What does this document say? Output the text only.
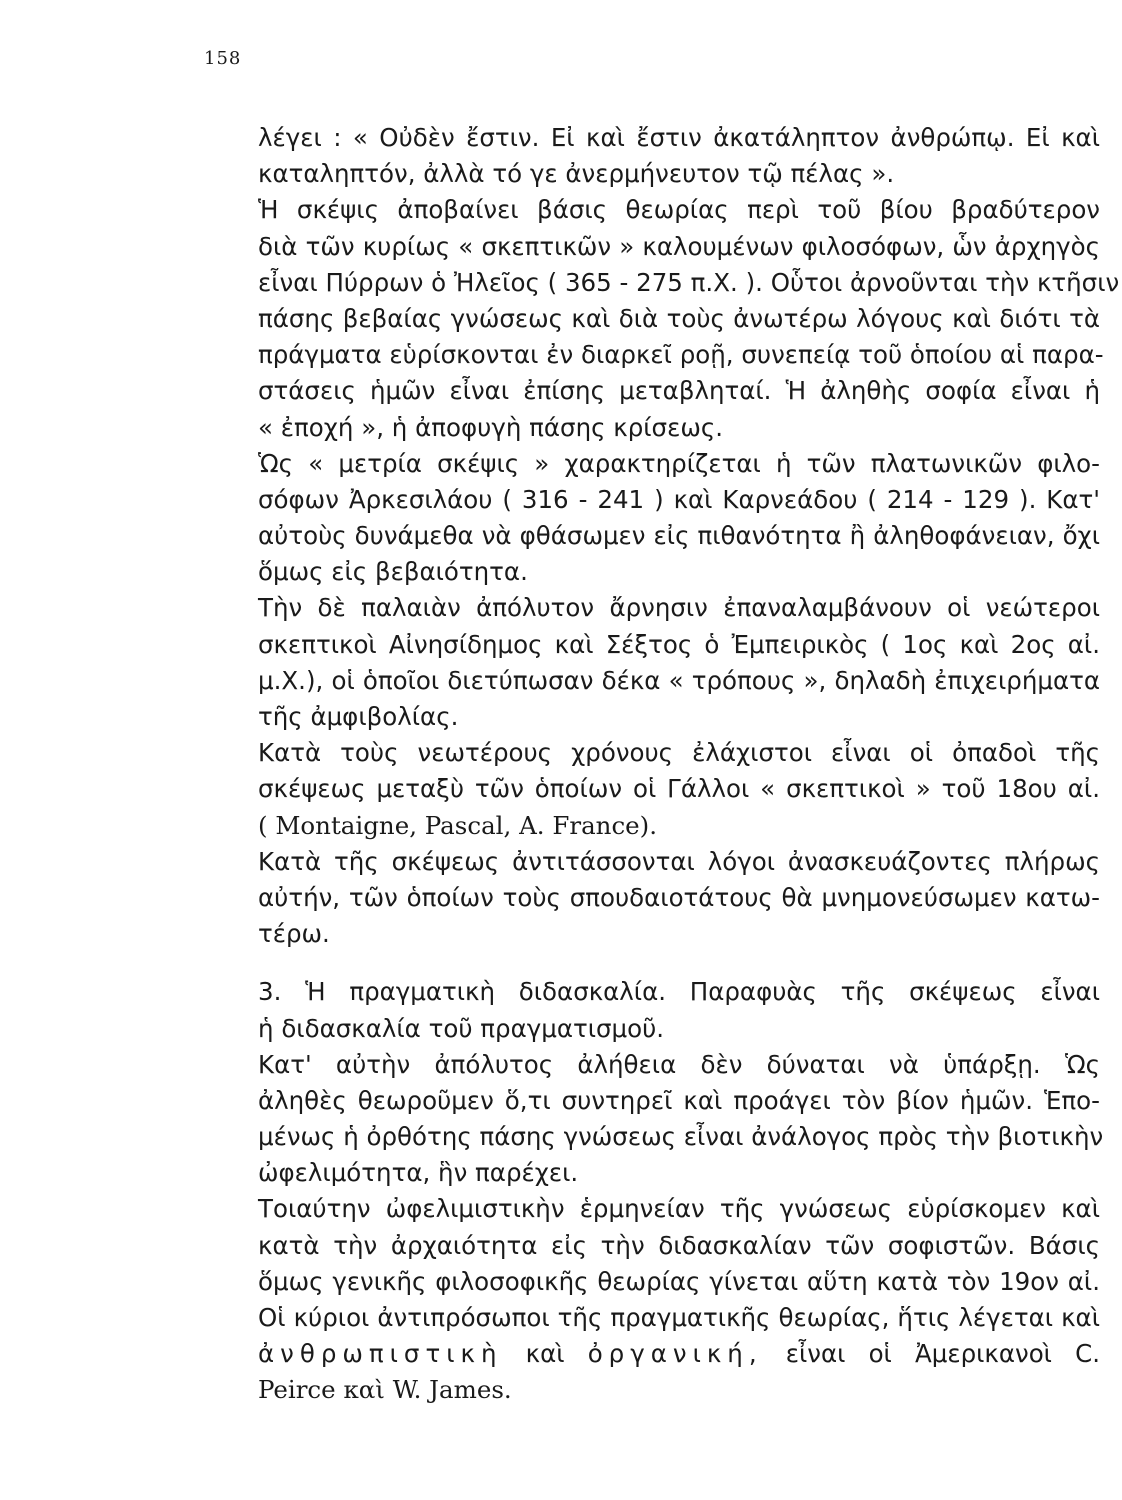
158
λέγει : « Οὐδὲν ἔστιν. Εἰ καὶ ἔστιν ἀκατάληπτον ἀνθρώπῳ. Εἰ καὶ
καταληπτόν, ἀλλὰ τό γε ἀνερμήνευτον τῷ πέλας ».
Ἡ σκέψις ἀποβαίνει βάσις θεωρίας περὶ τοῦ βίου βραδύτερον
διὰ τῶν κυρίως « σκεπτικῶν » καλουμένων φιλοσόφων, ὧν ἀρχηγὸς
εἶναι Πύρρων ὁ Ἠλεῖος ( 365 - 275 π.Χ. ). Οὗτοι ἀρνοῦνται τὴν κτῆσιν
πάσης βεβαίας γνώσεως καὶ διὰ τοὺς ἀνωτέρω λόγους καὶ διότι τὰ
πράγματα εὑρίσκονται ἐν διαρκεῖ ροῇ, συνεπείᾳ τοῦ ὁποίου αἱ παρα-
στάσεις ἡμῶν εἶναι ἐπίσης μεταβληταί. Ἡ ἀληθὴς σοφία εἶναι ἡ
« ἐποχή », ἡ ἀποφυγὴ πάσης κρίσεως.
Ὡς « μετρία σκέψις » χαρακτηρίζεται ἡ τῶν πλατωνικῶν φιλο-
σόφων Ἀρκεσιλάου ( 316 - 241 ) καὶ Καρνεάδου ( 214 - 129 ). Κατ'
αὐτοὺς δυνάμεθα νὰ φθάσωμεν εἰς πιθανότητα ἢ ἀληθοφάνειαν, ὄχι
ὅμως εἰς βεβαιότητα.
Τὴν δὲ παλαιὰν ἀπόλυτον ἄρνησιν ἐπαναλαμβάνουν οἱ νεώτεροι
σκεπτικοὶ Αἰνησίδημος καὶ Σέξτος ὁ Ἐμπειρικὸς ( 1ος καὶ 2ος αἰ.
μ.Χ.), οἱ ὁποῖοι διετύπωσαν δέκα « τρόπους », δηλαδὴ ἐπιχειρήματα
τῆς ἀμφιβολίας.
Κατὰ τοὺς νεωτέρους χρόνους ἐλάχιστοι εἶναι οἱ ὀπαδοὶ τῆς
σκέψεως μεταξὺ τῶν ὁποίων οἱ Γάλλοι « σκεπτικοὶ » τοῦ 18ου αἰ.
( Montaigne, Pascal, A. France).
Κατὰ τῆς σκέψεως ἀντιτάσσονται λόγοι ἀνασκευάζοντες πλήρως
αὐτήν, τῶν ὁποίων τοὺς σπουδαιοτάτους θὰ μνημονεύσωμεν κατω-
τέρω.
3. Ἡ πραγματικὴ διδασκαλία. Παραφυὰς τῆς σκέψεως εἶναι
ἡ διδασκαλία τοῦ πραγματισμοῦ.
Κατ' αὐτὴν ἀπόλυτος ἀλήθεια δὲν δύναται νὰ ὑπάρξῃ. Ὡς
ἀληθὲς θεωροῦμεν ὅ,τι συντηρεῖ καὶ προάγει τὸν βίον ἡμῶν. Ἑπο-
μένως ἡ ὀρθότης πάσης γνώσεως εἶναι ἀνάλογος πρὸς τὴν βιοτικὴν
ὠφελιμότητα, ἣν παρέχει.
Τοιαύτην ὠφελιμιστικὴν ἑρμηνείαν τῆς γνώσεως εὑρίσκομεν καὶ
κατὰ τὴν ἀρχαιότητα εἰς τὴν διδασκαλίαν τῶν σοφιστῶν. Βάσις
ὅμως γενικῆς φιλοσοφικῆς θεωρίας γίνεται αὕτη κατὰ τὸν 19ον αἰ.
Οἱ κύριοι ἀντιπρόσωποι τῆς πραγματικῆς θεωρίας, ἥτις λέγεται καὶ
ἀνθρωπιστικὴ καὶ ὀργανική, εἶναι οἱ Ἀμερικανοὶ C.
Peirce καὶ W. James.
